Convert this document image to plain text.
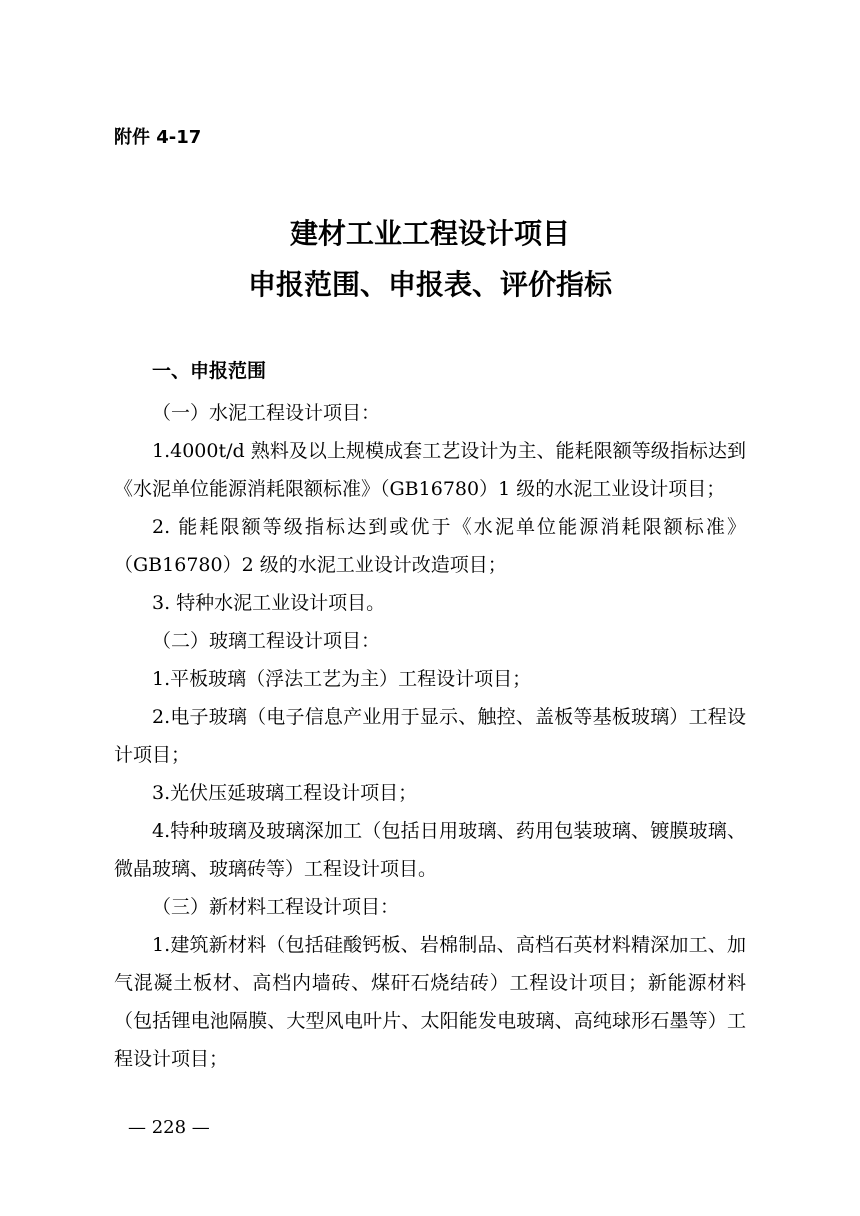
附件 4-17
建材工业工程设计项目
申报范围、申报表、评价指标
一、申报范围

（一）水泥工程设计项目：

1.4000t/d 熟料及以上规模成套工艺设计为主、能耗限额等级指标达到《水泥单位能源消耗限额标准》（GB16780）1 级的水泥工业设计项目；

2. 能耗限额等级指标达到或优于《水泥单位能源消耗限额标准》（GB16780）2 级的水泥工业设计改造项目；

3. 特种水泥工业设计项目。

（二）玻璃工程设计项目：

1.平板玻璃（浮法工艺为主）工程设计项目；

2.电子玻璃（电子信息产业用于显示、触控、盖板等基板玻璃）工程设计项目；

3.光伏压延玻璃工程设计项目；

4.特种玻璃及玻璃深加工（包括日用玻璃、药用包装玻璃、镀膜玻璃、微晶玻璃、玻璃砖等）工程设计项目。

（三）新材料工程设计项目：

1.建筑新材料（包括硅酸钙板、岩棉制品、高档石英材料精深加工、加气混凝土板材、高档内墙砖、煤矸石烧结砖）工程设计项目；新能源材料（包括锂电池隔膜、大型风电叶片、太阳能发电玻璃、高纯球形石墨等）工程设计项目；

— 228 —
